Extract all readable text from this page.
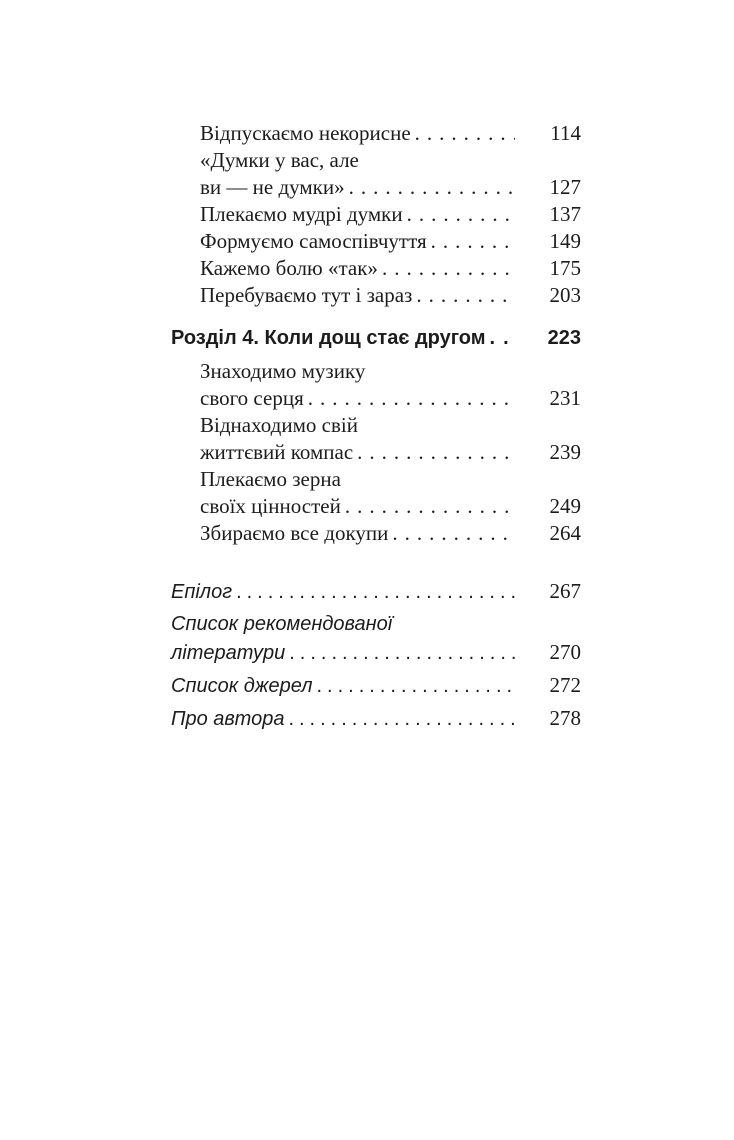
Відпускаємо некорисне .....	114
«Думки у вас, але
ви — не думки» .....	127
Плекаємо мудрі думки .....	137
Формуємо самоспівчуття .....	149
Кажемо болю «так» .....	175
Перебуваємо тут і зараз .....	203
Розділ 4. Коли дощ стає другом .....	223
Знаходимо музику
свого серця .....	231
Віднаходимо свій
життєвий компас .....	239
Плекаємо зерна
своїх цінностей .....	249
Збираємо все докупи .....	264
Епілог .....	267
Список рекомендованої
літератури .....	270
Список джерел .....	272
Про автора .....	278
